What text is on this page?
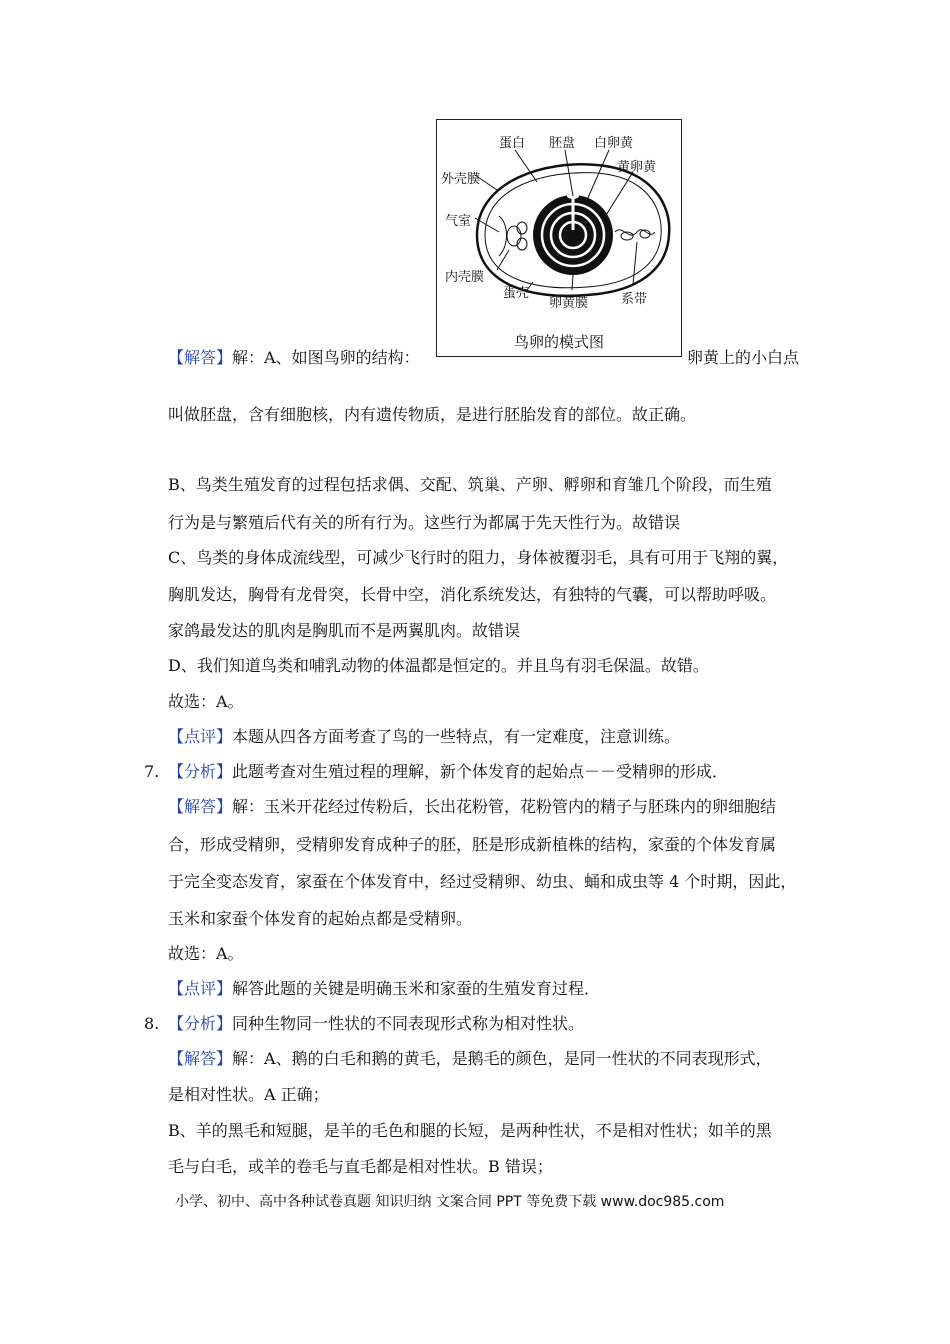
蛋白 胚盘 白卵黄
黄卵黄
外壳膜
气室
内壳膜
蛋壳
卵黄膜	系带
鸟卵的模式图
【解答】解：A、如图鸟卵的结构：	卵黄上的小白点
叫做胚盘，含有细胞核，内有遗传物质，是进行胚胎发育的部位。故正确。
B、鸟类生殖发育的过程包括求偶、交配、筑巢、产卵、孵卵和育雏几个阶段，而生殖
行为是与繁殖后代有关的所有行为。这些行为都属于先天性行为。故错误
C、鸟类的身体成流线型，可减少飞行时的阻力，身体被覆羽毛，具有可用于飞翔的翼，
胸肌发达，胸骨有龙骨突，长骨中空，消化系统发达，有独特的气囊，可以帮助呼吸。
家鸽最发达的肌肉是胸肌而不是两翼肌肉。故错误
D、我们知道鸟类和哺乳动物的体温都是恒定的。并且鸟有羽毛保温。故错。
故选：A。
【点评】本题从四各方面考查了鸟的一些特点，有一定难度，注意训练。
7. 【分析】此题考查对生殖过程的理解，新个体发育的起始点－－受精卵的形成．
【解答】解：玉米开花经过传粉后，长出花粉管，花粉管内的精子与胚珠内的卵细胞结
合，形成受精卵，受精卵发育成种子的胚，胚是形成新植株的结构，家蚕的个体发育属
于完全变态发育，家蚕在个体发育中，经过受精卵、幼虫、蛹和成虫等 4 个时期，因此，
玉米和家蚕个体发育的起始点都是受精卵。
故选：A。
【点评】解答此题的关键是明确玉米和家蚕的生殖发育过程．
8. 【分析】同种生物同一性状的不同表现形式称为相对性状。
【解答】解：A、鹅的白毛和鹅的黄毛，是鹅毛的颜色，是同一性状的不同表现形式，
是相对性状。A 正确；
B、羊的黑毛和短腿，是羊的毛色和腿的长短，是两种性状，不是相对性状；如羊的黑
毛与白毛，或羊的卷毛与直毛都是相对性状。B 错误；
小学、初中、高中各种试卷真题 知识归纳 文案合同 PPT 等免费下载 www.doc985.com
